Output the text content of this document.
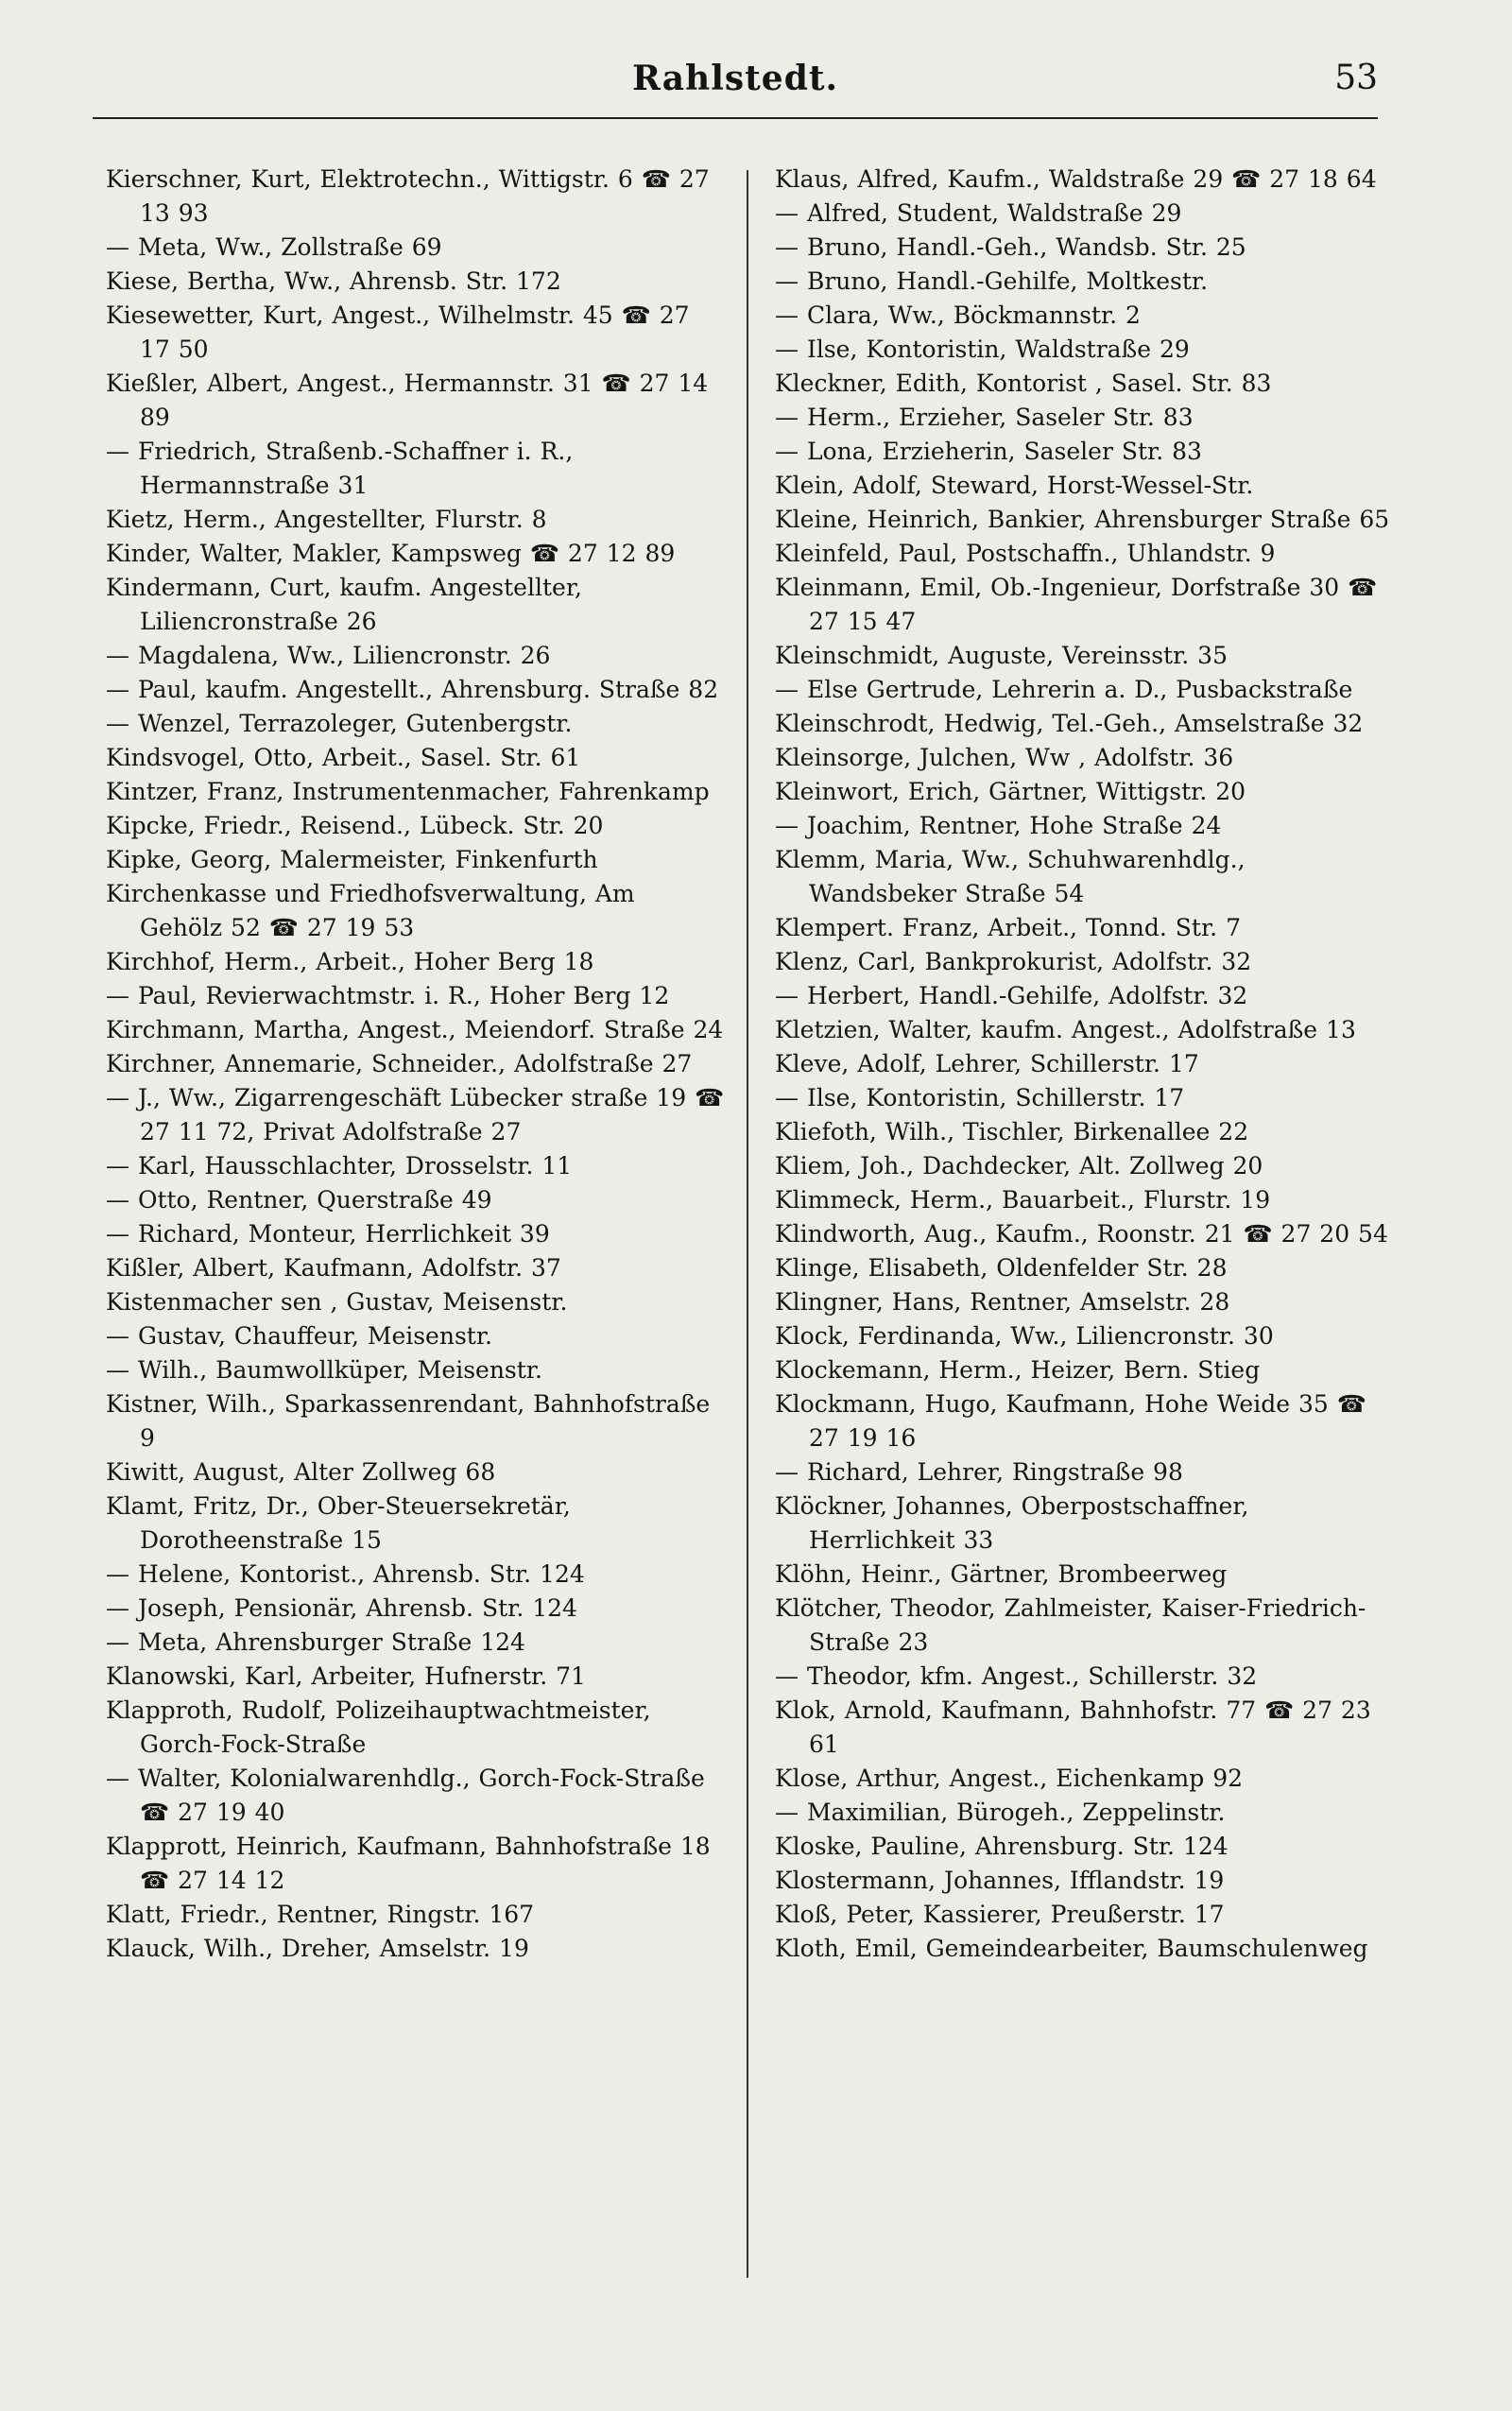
Rahlstedt.	53
Kierschner, Kurt, Elektrotechn., Wittigstr. 6 ☎ 27 13 93
— Meta, Ww., Zollstraße 69
Kiese, Bertha, Ww., Ahrensb. Str. 172
Kiesewetter, Kurt, Angest., Wilhelmstr. 45 ☎ 27 17 50
Kießler, Albert, Angest., Hermannstr. 31 ☎ 27 14 89
— Friedrich, Straßenb.-Schaffner i. R., Hermannstraße 31
Kietz, Herm., Angestellter, Flurstr. 8
Kinder, Walter, Makler, Kampsweg ☎ 27 12 89
Kindermann, Curt, kaufm. Angestellter, Liliencronstraße 26
— Magdalena, Ww., Liliencronstr. 26
— Paul, kaufm. Angestellt., Ahrensburg. Straße 82
— Wenzel, Terrazoleger, Gutenbergstr.
Kindsvogel, Otto, Arbeit., Sasel. Str. 61
Kintzer, Franz, Instrumentenmacher, Fahrenkamp
Kipcke, Friedr., Reisend., Lübeck. Str. 20
Kipke, Georg, Malermeister, Finkenfurth
Kirchenkasse und Friedhofsverwaltung, Am Gehölz 52 ☎ 27 19 53
Kirchhof, Herm., Arbeit., Hoher Berg 18
— Paul, Revierwachtmstr. i. R., Hoher Berg 12
Kirchmann, Martha, Angest., Meiendorf. Straße 24
Kirchner, Annemarie, Schneider., Adolfstraße 27
— J., Ww., Zigarrengeschäft Lübecker straße 19 ☎ 27 11 72, Privat Adolfstraße 27
— Karl, Hausschlachter, Drosselstr. 11
— Otto, Rentner, Querstraße 49
— Richard, Monteur, Herrlichkeit 39
Kißler, Albert, Kaufmann, Adolfstr. 37
Kistenmacher sen , Gustav, Meisenstr.
— Gustav, Chauffeur, Meisenstr.
— Wilh., Baumwollküper, Meisenstr.
Kistner, Wilh., Sparkassenrendant, Bahnhofstraße 9
Kiwitt, August, Alter Zollweg 68
Klamt, Fritz, Dr., Ober-Steuersekretär, Dorotheenstraße 15
— Helene, Kontorist., Ahrensb. Str. 124
— Joseph, Pensionär, Ahrensb. Str. 124
— Meta, Ahrensburger Straße 124
Klanowski, Karl, Arbeiter, Hufnerstr. 71
Klapproth, Rudolf, Polizeihauptwachtmeister, Gorch-Fock-Straße
— Walter, Kolonialwarenhdlg., Gorch-Fock-Straße ☎ 27 19 40
Klapprott, Heinrich, Kaufmann, Bahnhofstraße 18 ☎ 27 14 12
Klatt, Friedr., Rentner, Ringstr. 167
Klauck, Wilh., Dreher, Amselstr. 19
Klaus, Alfred, Kaufm., Waldstraße 29 ☎ 27 18 64
— Alfred, Student, Waldstraße 29
— Bruno, Handl.-Geh., Wandsb. Str. 25
— Bruno, Handl.-Gehilfe, Moltkestr.
— Clara, Ww., Böckmannstr. 2
— Ilse, Kontoristin, Waldstraße 29
Kleckner, Edith, Kontorist , Sasel. Str. 83
— Herm., Erzieher, Saseler Str. 83
— Lona, Erzieherin, Saseler Str. 83
Klein, Adolf, Steward, Horst-Wessel-Str.
Kleine, Heinrich, Bankier, Ahrensburger Straße 65
Kleinfeld, Paul, Postschaffn., Uhlandstr. 9
Kleinmann, Emil, Ob.-Ingenieur, Dorfstraße 30 ☎ 27 15 47
Kleinschmidt, Auguste, Vereinsstr. 35
— Else Gertrude, Lehrerin a. D., Pusbackstraße
Kleinschrodt, Hedwig, Tel.-Geh., Amselstraße 32
Kleinsorge, Julchen, Ww , Adolfstr. 36
Kleinwort, Erich, Gärtner, Wittigstr. 20
— Joachim, Rentner, Hohe Straße 24
Klemm, Maria, Ww., Schuhwarenhdlg., Wandsbeker Straße 54
Klempert. Franz, Arbeit., Tonnd. Str. 7
Klenz, Carl, Bankprokurist, Adolfstr. 32
— Herbert, Handl.-Gehilfe, Adolfstr. 32
Kletzien, Walter, kaufm. Angest., Adolfstraße 13
Kleve, Adolf, Lehrer, Schillerstr. 17
— Ilse, Kontoristin, Schillerstr. 17
Kliefoth, Wilh., Tischler, Birkenallee 22
Kliem, Joh., Dachdecker, Alt. Zollweg 20
Klimmeck, Herm., Bauarbeit., Flurstr. 19
Klindworth, Aug., Kaufm., Roonstr. 21 ☎ 27 20 54
Klinge, Elisabeth, Oldenfelder Str. 28
Klingner, Hans, Rentner, Amselstr. 28
Klock, Ferdinanda, Ww., Liliencronstr. 30
Klockemann, Herm., Heizer, Bern. Stieg
Klockmann, Hugo, Kaufmann, Hohe Weide 35 ☎ 27 19 16
— Richard, Lehrer, Ringstraße 98
Klöckner, Johannes, Oberpostschaffner, Herrlichkeit 33
Klöhn, Heinr., Gärtner, Brombeerweg
Klötcher, Theodor, Zahlmeister, Kaiser-Friedrich-Straße 23
— Theodor, kfm. Angest., Schillerstr. 32
Klok, Arnold, Kaufmann, Bahnhofstr. 77 ☎ 27 23 61
Klose, Arthur, Angest., Eichenkamp 92
— Maximilian, Bürogeh., Zeppelinstr.
Kloske, Pauline, Ahrensburg. Str. 124
Klostermann, Johannes, Ifflandstr. 19
Kloß, Peter, Kassierer, Preußerstr. 17
Kloth, Emil, Gemeindearbeiter, Baumschulenweg
